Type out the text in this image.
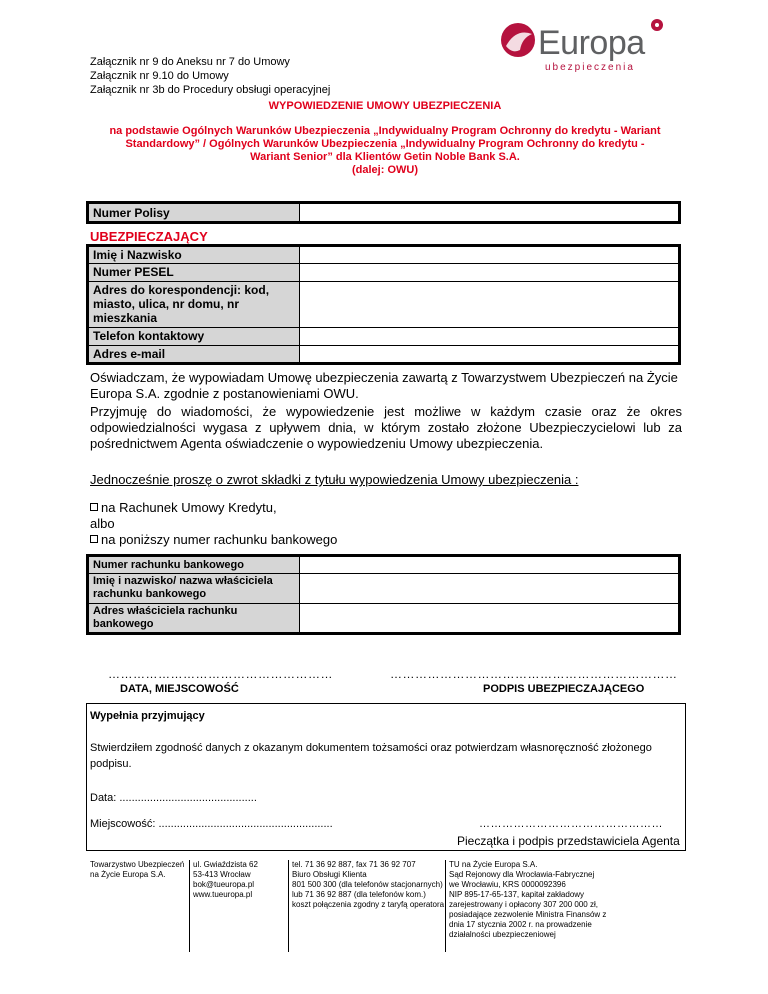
Europa
ubezpieczenia
Załącznik nr 9 do Aneksu nr 7 do Umowy
Załącznik nr 9.10 do Umowy
Załącznik nr 3b do Procedury obsługi operacyjnej
WYPOWIEDZENIE UMOWY UBEZPIECZENIA
na podstawie Ogólnych Warunków Ubezpieczenia „Indywidualny Program Ochronny do kredytu - Wariant
Standardowy” / Ogólnych Warunków Ubezpieczenia „Indywidualny Program Ochronny do kredytu -
Wariant Senior” dla Klientów Getin Noble Bank S.A.
(dalej: OWU)
Numer Polisy	
UBEZPIECZAJĄCY
Imię i Nazwisko	
Numer PESEL	
Adres do korespondencji: kod, miasto, ulica, nr domu, nr mieszkania	
Telefon kontaktowy	
Adres e-mail	
Oświadczam, że wypowiadam Umowę ubezpieczenia zawartą z Towarzystwem Ubezpieczeń na Życie Europa S.A. zgodnie z postanowieniami OWU.
Przyjmuję do wiadomości, że wypowiedzenie jest możliwe w każdym czasie oraz że okres odpowiedzialności wygasa z upływem dnia, w którym zostało złożone Ubezpieczycielowi lub za pośrednictwem Agenta oświadczenie o wypowiedzeniu Umowy ubezpieczenia.
Jednocześnie proszę o zwrot składki z tytułu wypowiedzenia Umowy ubezpieczenia :
na Rachunek Umowy Kredytu,
albo
na poniższy numer rachunku bankowego
Numer rachunku bankowego	
Imię i nazwisko/ nazwa właściciela rachunku bankowego	
Adres właściciela rachunku bankowego	
………………………………………………
DATA, MIEJSCOWOŚĆ
……………………………………………………………
PODPIS UBEZPIECZAJĄCEGO
Wypełnia przyjmujący
Stwierdziłem zgodność danych z okazanym dokumentem tożsamości oraz potwierdzam własnoręczność złożonego podpisu.
Data: .............................................
Miejscowość: .........................................................	…………………………………………
Pieczątka i podpis przedstawiciela Agenta
Towarzystwo Ubezpieczeń
na Życie Europa S.A.
ul. Gwiaździsta 62
53-413 Wrocław
bok@tueuropa.pl
www.tueuropa.pl
tel. 71 36 92 887, fax 71 36 92 707
Biuro Obsługi Klienta
801 500 300 (dla telefonów stacjonarnych)
lub 71 36 92 887 (dla telefonów kom.)
koszt połączenia zgodny z taryfą operatora
TU na Życie Europa S.A.
Sąd Rejonowy dla Wrocławia-Fabrycznej
we Wrocławiu, KRS 0000092396
NIP 895-17-65-137, kapitał zakładowy
zarejestrowany i opłacony 307 200 000 zł,
posiadające zezwolenie Ministra Finansów z
dnia 17 stycznia 2002 r. na prowadzenie
działalności ubezpieczeniowej
